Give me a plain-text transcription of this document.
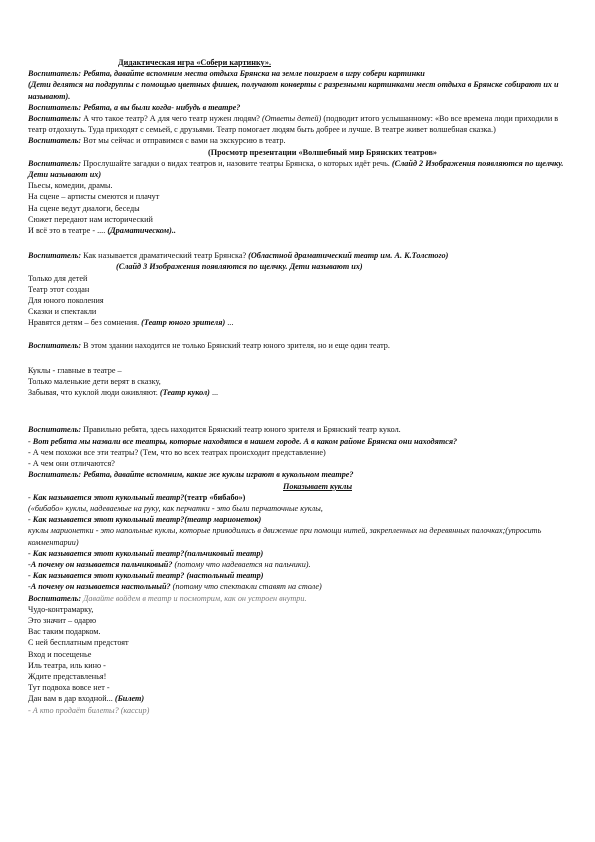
Дидактическая игра «Собери картинку».
Воспитатель: Ребята, давайте вспомним места отдыха Брянска на земле поиграем в игру собери картинки
(Дети делятся на подгруппы с помощью цветных фишек, получают конверты с разрезными картинками мест отдыха в Брянске собирают их и называют).
Воспитатель: Ребята, а вы были когда- нибудь в театре?
Воспитатель: А что такое театр? А для чего театр нужен людям? (Ответы детей) (подводит итого услышанному: «Во все времена люди приходили в театр отдохнуть. Туда приходят с семьей, с друзьями. Театр помогает людям быть добрее и лучше. В театре живет волшебная сказка.)
Воспитатель: Вот мы сейчас и отправимся с вами на экскурсию в театр.
(Просмотр презентации «Волшебный мир Брянских театров»
Воспитатель: Прослушайте загадки о видах театров и, назовите театры Брянска, о которых идёт речь. (Слайд 2 Изображения появляются по щелчку. Дети называют их)
Пьесы, комедии, драмы.
На сцене – артисты смеются и плачут
На сцене ведут диалоги, беседы
Сюжет передают нам исторический
И всё это в театре - .... (Драматическом)..
Воспитатель: Как называется драматический театр Брянска? (Областной драматический театр им. А. К.Толстого)
(Слайд 3 Изображения появляются по щелчку. Дети называют их)
Только для детей
Театр этот создан
Для юного поколения
Сказки и спектакли
Нравятся детям – без сомнения. (Театр юного зрителя) ...
Воспитатель: В этом здании находится не только Брянский театр юного зрителя, но и еще один театр.
Куклы - главные в театре –
Только маленькие дети верят в сказку,
Забывая, что куклой люди оживляют. (Театр кукол) ...
Воспитатель: Правильно ребята, здесь находится Брянский театр юного зрителя и Брянский театр кукол.
- Вот ребята мы назвали все театры, которые находятся в нашем городе. А в каком районе Брянска они находятся?
- А чем похожи все эти театры? (Тем, что во всех театрах происходит представление)
- А чем они отличаются?
Воспитатель: Ребята, давайте вспомним, какие же куклы играют в кукольном театре?
Показывает куклы
- Как называется этот кукольный театр?(театр «бибабо»)
(«бибабо» куклы, надеваемые на руку, как перчатки - это были перчаточные куклы,
- Как называется этот кукольный театр?(театр марионеток)
куклы марионетки - это напольные куклы, которые приводились в движение при помощи нитей, закрепленных на деревянных палочках;(упросить комментарии)
- Как называется этот кукольный театр?(пальчиковый театр)
-А почему он называется пальчиковый? (потому что надевается на пальчики).
- Как называется этот кукольный театр? (настольный театр)
-А почему он называется настольный? (потому что спектакли ставят на столе)
Воспитатель: Давайте войдем в театр и посмотрим, как он устроен внутри.
Чудо-контрамарку,
Это значит – одарю
Вас таким подарком.
С ней бесплатным предстоят
Вход и посещенье
Иль театра, иль кино -
Ждите представленья!
Тут подвоха вовсе нет -
Дан вам в дар входной... (Билет)
- А кто продаёт билеты? (кассир)
